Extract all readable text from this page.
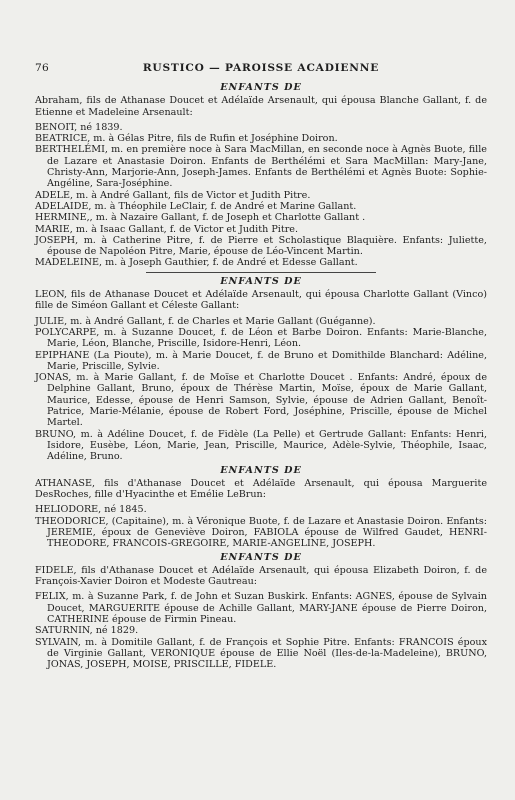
76	RUSTICO — PAROISSE ACADIENNE
ENFANTS DE

Abraham, fils de Athanase Doucet et Adélaïde Arsenault, qui épousa Blanche Gallant, f. de Etienne et Madeleine Arsenault:

BENOIT, né 1839.

BEATRICE, m. à Gélas Pitre, fils de Rufin et Joséphine Doiron.

BERTHELÉMI, m. en première noce à Sara MacMillan, en seconde noce à Agnès Buote, fille de Lazare et Anastasie Doiron. Enfants de Berthélémi et Sara MacMillan: Mary-Jane, Christy-Ann, Marjorie-Ann, Joseph-James. Enfants de Berthélémi et Agnès Buote: Sophie-Angéline, Sara-Joséphine.

ADELE, m. à André Gallant, fils de Victor et Judith Pitre.

ADELAIDE, m. à Théophile LeClair, f. de André et Marine Gallant.

HERMINE,, m. à Nazaire Gallant, f. de Joseph et Charlotte Gallant .

MARIE, m. à Isaac Gallant, f. de Victor et Judith Pitre.

JOSEPH, m. à Catherine Pitre, f. de Pierre et Scholastique Blaquière. Enfants: Juliette, épouse de Napoléon Pitre, Marie, épouse de Léo-Vincent Martin.

MADELEINE, m. à Joseph Gauthier, f. de André et Edesse Gallant.

ENFANTS DE

LEON, fils de Athanase Doucet et Adélaïde Arsenault, qui épousa Charlotte Gallant (Vinco) fille de Siméon Gallant et Céleste Gallant:

JULIE, m. à André Gallant, f. de Charles et Marie Gallant (Guéganne).

POLYCARPE, m. à Suzanne Doucet, f. de Léon et Barbe Doiron. Enfants: Marie-Blanche, Marie, Léon, Blanche, Priscille, Isidore-Henri, Léon.

EPIPHANE (La Pioute), m. à Marie Doucet, f. de Bruno et Domithilde Blanchard: Adéline, Marie, Priscille, Sylvie.

JONAS, m. à Marie Gallant, f. de Moïse et Charlotte Doucet . Enfants: André, époux de Delphine Gallant, Bruno, époux de Thérèse Martin, Moïse, époux de Marie Gallant, Maurice, Edesse, épouse de Henri Samson, Sylvie, épouse de Adrien Gallant, Benoît-Patrice, Marie-Mélanie, épouse de Robert Ford, Joséphine, Priscille, épouse de Michel Martel.

BRUNO, m. à Adéline Doucet, f. de Fidèle (La Pelle) et Gertrude Gallant: Enfants: Henri, Isidore, Eusèbe, Léon, Marie, Jean, Priscille, Maurice, Adèle-Sylvie, Théophile, Isaac, Adéline, Bruno.

ENFANTS DE

ATHANASE, fils d'Athanase Doucet et Adélaïde Arsenault, qui épousa Marguerite DesRoches, fille d'Hyacinthe et Emélie LeBrun:

HELIODORE, né 1845.

THEODORICE, (Capitaine), m. à Véronique Buote, f. de Lazare et Anastasie Doiron. Enfants: JEREMIE, époux de Geneviève Doiron, FABIOLA épouse de Wilfred Gaudet, HENRI-THEODORE, FRANCOIS-GREGOIRE, MARIE-ANGELINE, JOSEPH.

ENFANTS DE

FIDELE, fils d'Athanase Doucet et Adélaïde Arsenault, qui épousa Elizabeth Doiron, f. de François-Xavier Doiron et Modeste Gautreau:

FELIX, m. à Suzanne Park, f. de John et Suzan Buskirk. Enfants: AGNES, épouse de Sylvain Doucet, MARGUERITE épouse de Achille Gallant, MARY-JANE épouse de Pierre Doiron, CATHERINE épouse de Firmin Pineau.

SATURNIN, né 1829.

SYLVAIN, m. à Domitile Gallant, f. de François et Sophie Pitre. Enfants: FRANCOIS époux de Virginie Gallant, VERONIQUE épouse de Ellie Noël (Iles-de-la-Madeleine), BRUNO, JONAS, JOSEPH, MOISE, PRISCILLE, FIDELE.
